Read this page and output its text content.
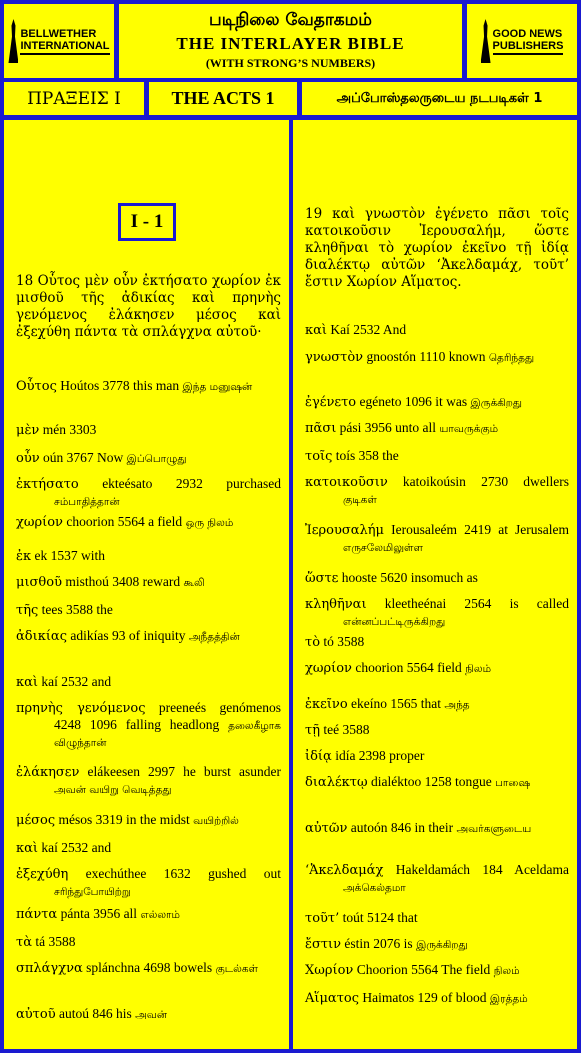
BELLWETHER
INTERNATIONAL
படிநிலை வேதாகமம்
THE INTERLAYER BIBLE
(WITH STRONG’S NUMBERS)
GOOD NEWS
PUBLISHERS
ΠΡΑΞΕΙΣ Ι	THE ACTS 1	அப்போஸ்தலருடைய நடபடிகள் 1

18 Οὗτος μὲν οὖν ἐκτήσατο χωρίον ἐκ μισθοῦ τῆς ἀδικίας καὶ πρηνὴς γενόμενος ἐλάκησεν μέσος καὶ ἐξεχύθη πάντα τὰ σπλάγχνα αὐτοῦ·

Οὗτος Hoútos 3778 this man இந்த மனுஷன்

μὲν mén 3303

οὖν oún 3767 Now இப்பொழுது

ἐκτήσατο ekteésato 2932 purchased சம்பாதித்தான்

χωρίον choorion 5564 a field ஒரு நிலம்

ἐκ ek 1537 with

μισθοῦ misthoú 3408 reward கூலி

τῆς tees 3588 the

ἀδικίας adikías 93 of iniquity அநீதத்தின்

καὶ kaí 2532 and

πρηνὴς γενόμενος preeneés genómenos 4248 1096 falling headlong தலைகீழாக விழுந்தான்

ἐλάκησεν elákeesen 2997 he burst asunder அவன் வயிறு வெடித்தது

μέσος mésos 3319 in the midst வயிற்றில்

καὶ kaí 2532 and

ἐξεχύθη exechúthee 1632 gushed out சரிந்துபோயிற்று

πάντα pánta 3956 all எல்லாம்

τὰ tá 3588

σπλάγχνα splánchna 4698 bowels குடல்கள்

αὐτοῦ autoú 846 his அவன்

19 καὶ γνωστὸν ἐγένετο πᾶσι τοῖς κατοικοῦσιν Ἰερουσαλήμ, ὥστε κληθῆναι τὸ χωρίον ἐκεῖνο τῇ ἰδίᾳ διαλέκτῳ αὐτῶν ‘Ἀκελδαμάχ, τοῦτ’ ἔστιν Χωρίον Αἵματος.

καὶ Kaí 2532 And

γνωστὸν gnoostón 1110 known தெரிந்தது

ἐγένετο egéneto 1096 it was இருக்கிறது

πᾶσι pási 3956 unto all யாவருக்கும்

τοῖς toís 358 the

κατοικοῦσιν katoikoúsin 2730 dwellers குடிகள்

Ἰερουσαλήμ Ierousaleém 2419 at Jerusalem எருசலேமிலுள்ள

ὥστε hooste 5620 insomuch as

κληθῆναι kleetheénai 2564 is called என்னப்பட்டிருக்கிறது

τὸ tó 3588

χωρίον choorion 5564 field நிலம்

ἐκεῖνο ekeíno 1565 that அந்த

τῇ teé 3588

ἰδίᾳ idía 2398 proper

διαλέκτῳ dialéktoo 1258 tongue பாஷை

αὐτῶν autoón 846 in their அவர்களுடைய

‘Ἀκελδαμάχ Hakeldamách 184 Aceldama அக்கெல்தமா

τοῦτ’ toút 5124 that

ἔστιν éstin 2076 is இருக்கிறது

Χωρίον Choorion 5564 The field நிலம்

Αἵματος Haimatos 129 of blood இரத்தம்

I - 1
